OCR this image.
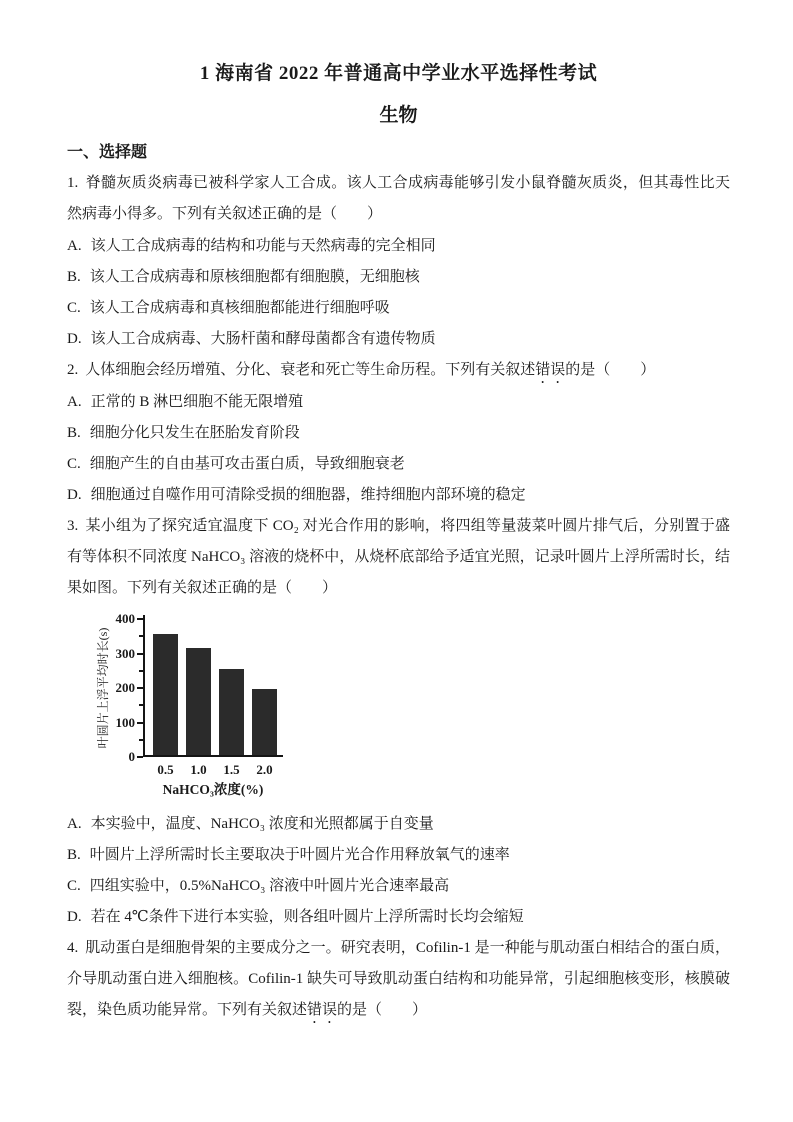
1 海南省 2022 年普通高中学业水平选择性考试
生物
一、选择题

1. 脊髓灰质炎病毒已被科学家人工合成。该人工合成病毒能够引发小鼠脊髓灰质炎，但其毒性比天然病毒小得多。下列有关叙述正确的是（　　）

A. 该人工合成病毒的结构和功能与天然病毒的完全相同

B. 该人工合成病毒和原核细胞都有细胞膜，无细胞核

C. 该人工合成病毒和真核细胞都能进行细胞呼吸

D. 该人工合成病毒、大肠杆菌和酵母菌都含有遗传物质

2. 人体细胞会经历增殖、分化、衰老和死亡等生命历程。下列有关叙述错误的是（　　）

A. 正常的 B 淋巴细胞不能无限增殖

B. 细胞分化只发生在胚胎发育阶段

C. 细胞产生的自由基可攻击蛋白质，导致细胞衰老

D. 细胞通过自噬作用可清除受损的细胞器，维持细胞内部环境的稳定

3. 某小组为了探究适宜温度下 CO₂ 对光合作用的影响，将四组等量菠菜叶圆片排气后，分别置于盛有等体积不同浓度 NaHCO₃ 溶液的烧杯中，从烧杯底部给予适宜光照，记录叶圆片上浮所需时长，结果如图。下列有关叙述正确的是（　　）

叶圆片上浮平均时长(s)
NaHCO₃浓度(%)
0
100
200
300
400
0.5	1.0	1.5	2.0

A. 本实验中，温度、NaHCO₃ 浓度和光照都属于自变量

B. 叶圆片上浮所需时长主要取决于叶圆片光合作用释放氧气的速率

C. 四组实验中，0.5%NaHCO₃ 溶液中叶圆片光合速率最高

D. 若在 4℃条件下进行本实验，则各组叶圆片上浮所需时长均会缩短

4. 肌动蛋白是细胞骨架的主要成分之一。研究表明，Cofilin-1 是一种能与肌动蛋白相结合的蛋白质，介导肌动蛋白进入细胞核。Cofilin-1 缺失可导致肌动蛋白结构和功能异常，引起细胞核变形，核膜破裂，染色质功能异常。下列有关叙述错误的是（　　）
